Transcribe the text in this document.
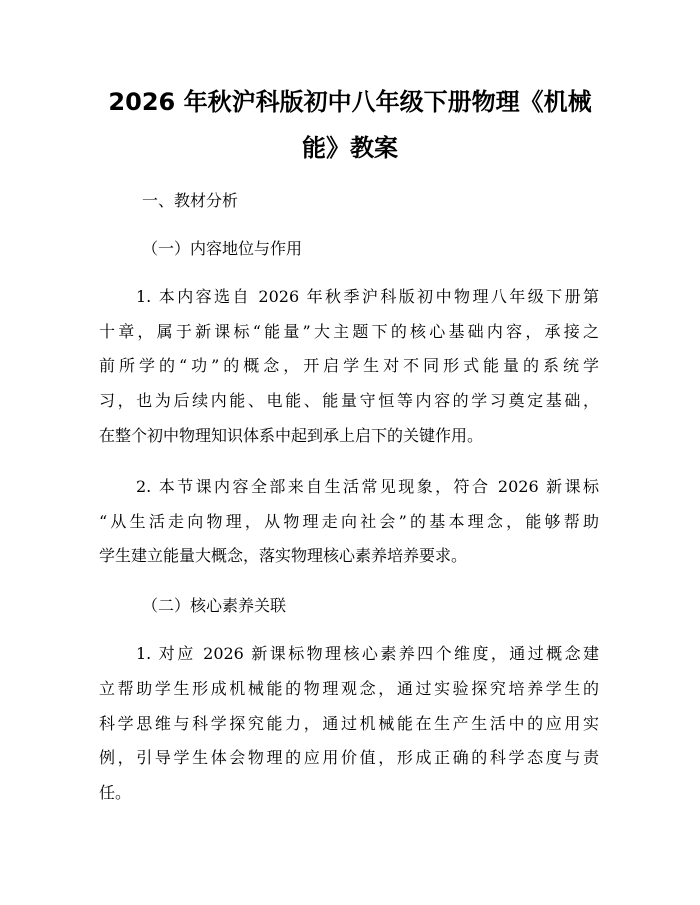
2026 年秋沪科版初中八年级下册物理《机械
能》教案

一、教材分析

（一）内容地位与作用

1. 本内容选自 2026 年秋季沪科版初中物理八年级下册第

十章，属于新课标“能量”大主题下的核心基础内容，承接之

前所学的“功”的概念，开启学生对不同形式能量的系统学

习，也为后续内能、电能、能量守恒等内容的学习奠定基础，

在整个初中物理知识体系中起到承上启下的关键作用。

2. 本节课内容全部来自生活常见现象，符合 2026 新课标

“从生活走向物理，从物理走向社会”的基本理念，能够帮助

学生建立能量大概念，落实物理核心素养培养要求。

（二）核心素养关联

1. 对应 2026 新课标物理核心素养四个维度，通过概念建

立帮助学生形成机械能的物理观念，通过实验探究培养学生的

科学思维与科学探究能力，通过机械能在生产生活中的应用实

例，引导学生体会物理的应用价值，形成正确的科学态度与责

任。
